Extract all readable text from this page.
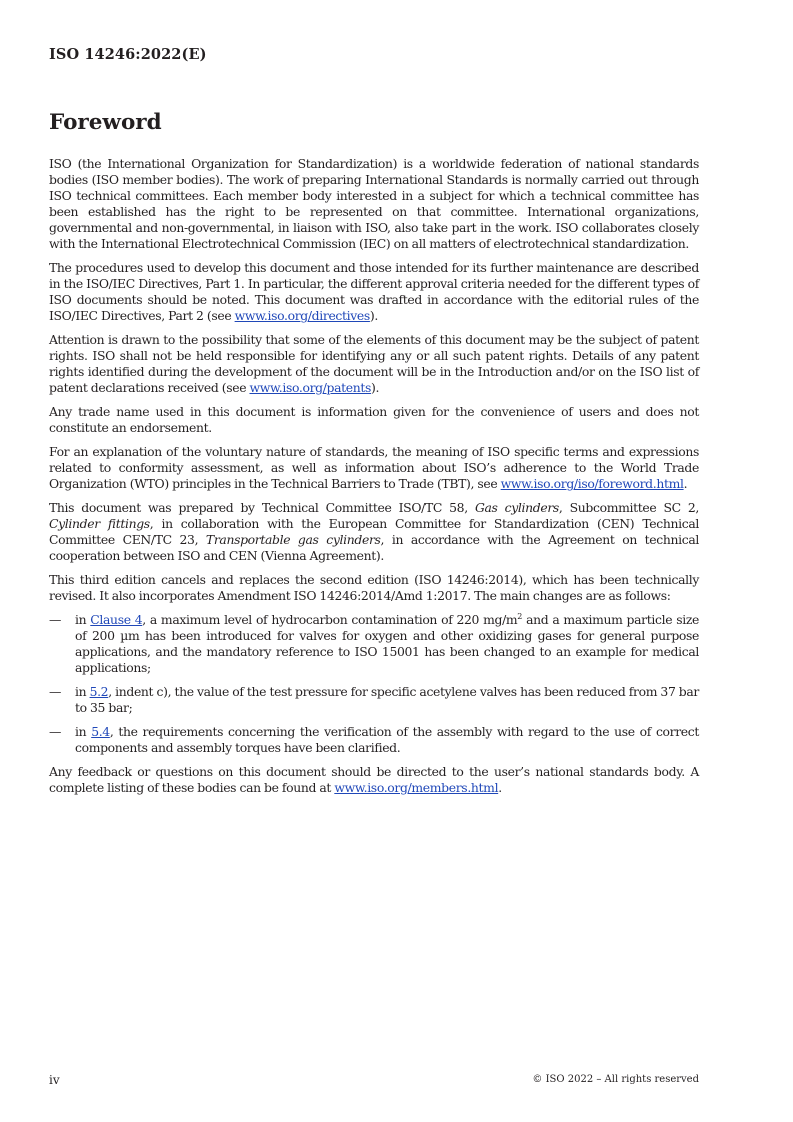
ISO 14246:2022(E)
Foreword

ISO (the International Organization for Standardization) is a worldwide federation of national standards bodies (ISO member bodies). The work of preparing International Standards is normally carried out through ISO technical committees. Each member body interested in a subject for which a technical committee has been established has the right to be represented on that committee. International organizations, governmental and non-governmental, in liaison with ISO, also take part in the work. ISO collaborates closely with the International Electrotechnical Commission (IEC) on all matters of electrotechnical standardization.

The procedures used to develop this document and those intended for its further maintenance are described in the ISO/IEC Directives, Part 1. In particular, the different approval criteria needed for the different types of ISO documents should be noted. This document was drafted in accordance with the editorial rules of the ISO/IEC Directives, Part 2 (see www.iso.org/directives).

Attention is drawn to the possibility that some of the elements of this document may be the subject of patent rights. ISO shall not be held responsible for identifying any or all such patent rights. Details of any patent rights identified during the development of the document will be in the Introduction and/or on the ISO list of patent declarations received (see www.iso.org/patents).

Any trade name used in this document is information given for the convenience of users and does not constitute an endorsement.

For an explanation of the voluntary nature of standards, the meaning of ISO specific terms and expressions related to conformity assessment, as well as information about ISO’s adherence to the World Trade Organization (WTO) principles in the Technical Barriers to Trade (TBT), see www.iso.org/iso/foreword.html.

This document was prepared by Technical Committee ISO/TC 58, Gas cylinders, Subcommittee SC 2, Cylinder fittings, in collaboration with the European Committee for Standardization (CEN) Technical Committee CEN/TC 23, Transportable gas cylinders, in accordance with the Agreement on technical cooperation between ISO and CEN (Vienna Agreement).

This third edition cancels and replaces the second edition (ISO 14246:2014), which has been technically revised. It also incorporates Amendment ISO 14246:2014/Amd 1:2017. The main changes are as follows:

—	in Clause 4, a maximum level of hydrocarbon contamination of 220 $mg/m^2$ and a maximum particle size of 200 µm has been introduced for valves for oxygen and other oxidizing gases for general purpose applications, and the mandatory reference to ISO 15001 has been changed to an example for medical applications;
—	in 5.2, indent c), the value of the test pressure for specific acetylene valves has been reduced from 37 bar to 35 bar;
—	in 5.4, the requirements concerning the verification of the assembly with regard to the use of correct components and assembly torques have been clarified.

Any feedback or questions on this document should be directed to the user’s national standards body. A complete listing of these bodies can be found at www.iso.org/members.html.

iv	© ISO 2022 – All rights reserved
